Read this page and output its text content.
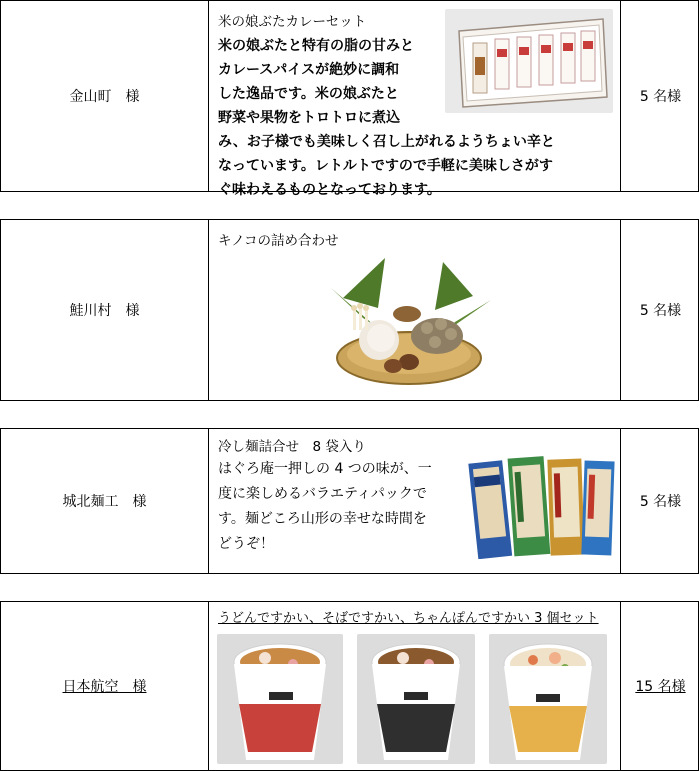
金山町　様
米の娘ぶたカレーセット
米の娘ぶたと特有の脂の甘みと
カレースパイスが絶妙に調和
した逸品です。米の娘ぶたと
野菜や果物をトロトロに煮込
み、お子様でも美味しく召し上がれるようちょい辛と
なっています。レトルトですので手軽に美味しさがす
ぐ味わえるものとなっております。
5 名様
鮭川村　様
キノコの詰め合わせ
5 名様
城北麺工　様
冷し麺詰合せ　8 袋入り
はぐろ庵一押しの 4 つの味が、一
度に楽しめるバラエティパックで
す。麺どころ山形の幸せな時間を
どうぞ！
5 名様
日本航空　様
うどんですかい、そばですかい、ちゃんぽんですかい 3 個セット
15 名様
